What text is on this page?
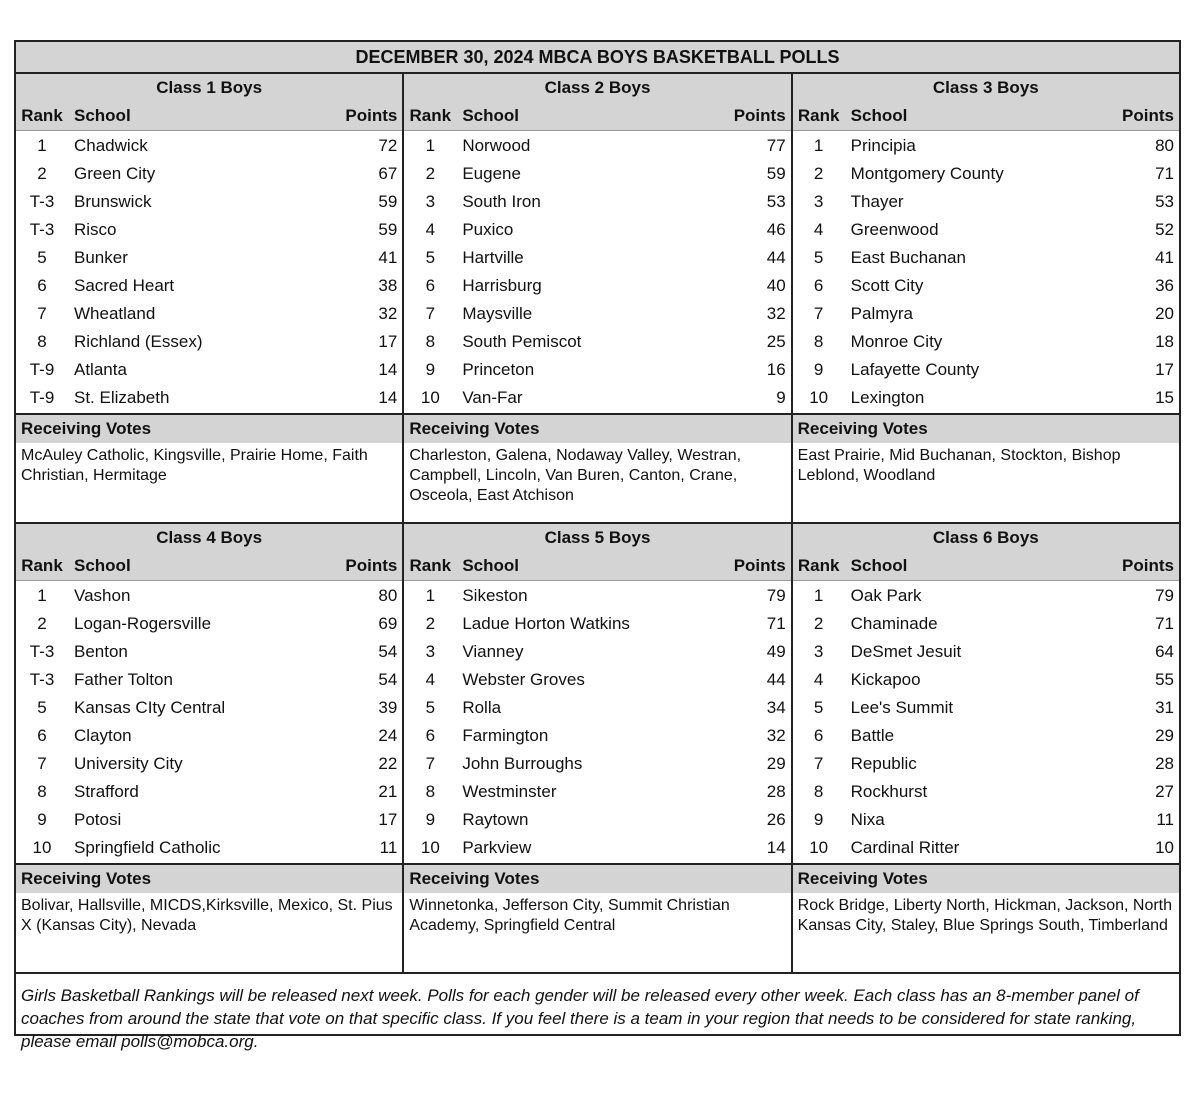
DECEMBER 30, 2024 MBCA BOYS BASKETBALL POLLS
Class 1 Boys
Rank School	Points
1	Chadwick	72
2	Green City	67
T-3	Brunswick	59
T-3	Risco	59
5	Bunker	41
6	Sacred Heart	38
7	Wheatland	32
8	Richland (Essex)	17
T-9	Atlanta	14
T-9	St. Elizabeth	14
Receiving Votes
McAuley Catholic, Kingsville, Prairie Home, Faith Christian, Hermitage
Class 2 Boys
Rank School	Points
1	Norwood	77
2	Eugene	59
3	South Iron	53
4	Puxico	46
5	Hartville	44
6	Harrisburg	40
7	Maysville	32
8	South Pemiscot	25
9	Princeton	16
10	Van-Far	9
Receiving Votes
Charleston, Galena, Nodaway Valley, Westran, Campbell, Lincoln, Van Buren, Canton, Crane, Osceola, East Atchison
Class 3 Boys
Rank School	Points
1	Principia	80
2	Montgomery County	71
3	Thayer	53
4	Greenwood	52
5	East Buchanan	41
6	Scott City	36
7	Palmyra	20
8	Monroe City	18
9	Lafayette County	17
10	Lexington	15
Receiving Votes
East Prairie, Mid Buchanan, Stockton, Bishop Leblond, Woodland
Class 4 Boys
Rank School	Points
1	Vashon	80
2	Logan-Rogersville	69
T-3	Benton	54
T-3	Father Tolton	54
5	Kansas CIty Central	39
6	Clayton	24
7	University City	22
8	Strafford	21
9	Potosi	17
10	Springfield Catholic	11
Receiving Votes
Bolivar, Hallsville, MICDS,Kirksville, Mexico, St. Pius X (Kansas City), Nevada
Class 5 Boys
Rank School	Points
1	Sikeston	79
2	Ladue Horton Watkins	71
3	Vianney	49
4	Webster Groves	44
5	Rolla	34
6	Farmington	32
7	John Burroughs	29
8	Westminster	28
9	Raytown	26
10	Parkview	14
Receiving Votes
Winnetonka, Jefferson City, Summit Christian Academy, Springfield Central
Class 6 Boys
Rank School	Points
1	Oak Park	79
2	Chaminade	71
3	DeSmet Jesuit	64
4	Kickapoo	55
5	Lee's Summit	31
6	Battle	29
7	Republic	28
8	Rockhurst	27
9	Nixa	11
10	Cardinal Ritter	10
Receiving Votes
Rock Bridge, Liberty North, Hickman, Jackson, North Kansas City, Staley, Blue Springs South, Timberland
Girls Basketball Rankings will be released next week. Polls for each gender will be released every other week. Each class has an 8-member panel of coaches from around the state that vote on that specific class. If you feel there is a team in your region that needs to be considered for state ranking, please email polls@mobca.org.
